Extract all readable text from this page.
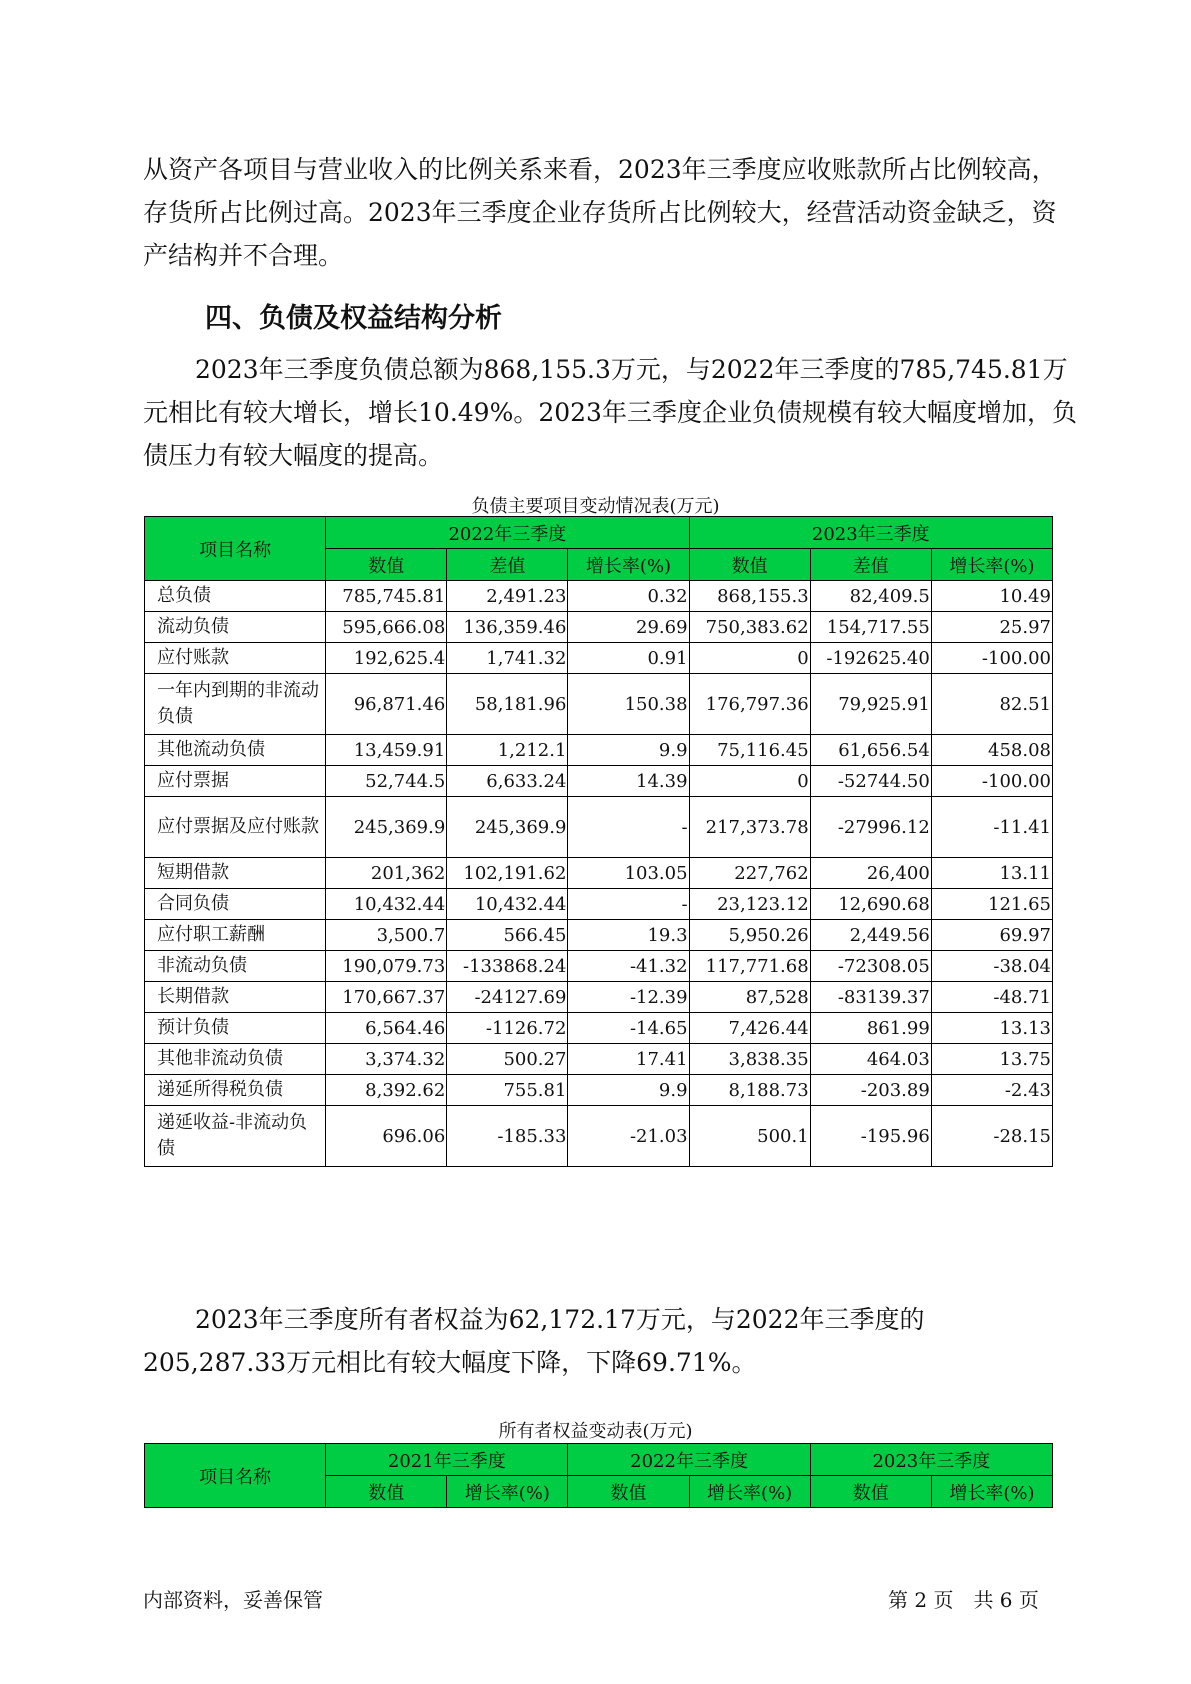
从资产各项目与营业收入的比例关系来看，2023年三季度应收账款所占比例较高，存货所占比例过高。2023年三季度企业存货所占比例较大，经营活动资金缺乏，资产结构并不合理。

四、负债及权益结构分析

2023年三季度负债总额为868,155.3万元，与2022年三季度的785,745.81万元相比有较大增长，增长10.49%。2023年三季度企业负债规模有较大幅度增加，负债压力有较大幅度的提高。

负债主要项目变动情况表(万元)
项目名称	2022年三季度			2023年三季度		
	数值	差值	增长率(%)	数值	差值	增长率(%)
总负债	785,745.81	2,491.23	0.32	868,155.3	82,409.5	10.49
流动负债	595,666.08	136,359.46	29.69	750,383.62	154,717.55	25.97
应付账款	192,625.4	1,741.32	0.91	0	-192625.40	-100.00
一年内到期的非流动负债	96,871.46	58,181.96	150.38	176,797.36	79,925.91	82.51
其他流动负债	13,459.91	1,212.1	9.9	75,116.45	61,656.54	458.08
应付票据	52,744.5	6,633.24	14.39	0	-52744.50	-100.00
应付票据及应付账款	245,369.9	245,369.9	-	217,373.78	-27996.12	-11.41
短期借款	201,362	102,191.62	103.05	227,762	26,400	13.11
合同负债	10,432.44	10,432.44	-	23,123.12	12,690.68	121.65
应付职工薪酬	3,500.7	566.45	19.3	5,950.26	2,449.56	69.97
非流动负债	190,079.73	-133868.24	-41.32	117,771.68	-72308.05	-38.04
长期借款	170,667.37	-24127.69	-12.39	87,528	-83139.37	-48.71
预计负债	6,564.46	-1126.72	-14.65	7,426.44	861.99	13.13
其他非流动负债	3,374.32	500.27	17.41	3,838.35	464.03	13.75
递延所得税负债	8,392.62	755.81	9.9	8,188.73	-203.89	-2.43
递延收益-非流动负债	696.06	-185.33	-21.03	500.1	-195.96	-28.15

2023年三季度所有者权益为62,172.17万元，与2022年三季度的205,287.33万元相比有较大幅度下降，下降69.71%。

所有者权益变动表(万元)
项目名称	2021年三季度		2022年三季度		2023年三季度	
	数值	增长率(%)	数值	增长率(%)	数值	增长率(%)
内部资料，妥善保管	第 2 页　共 6 页
